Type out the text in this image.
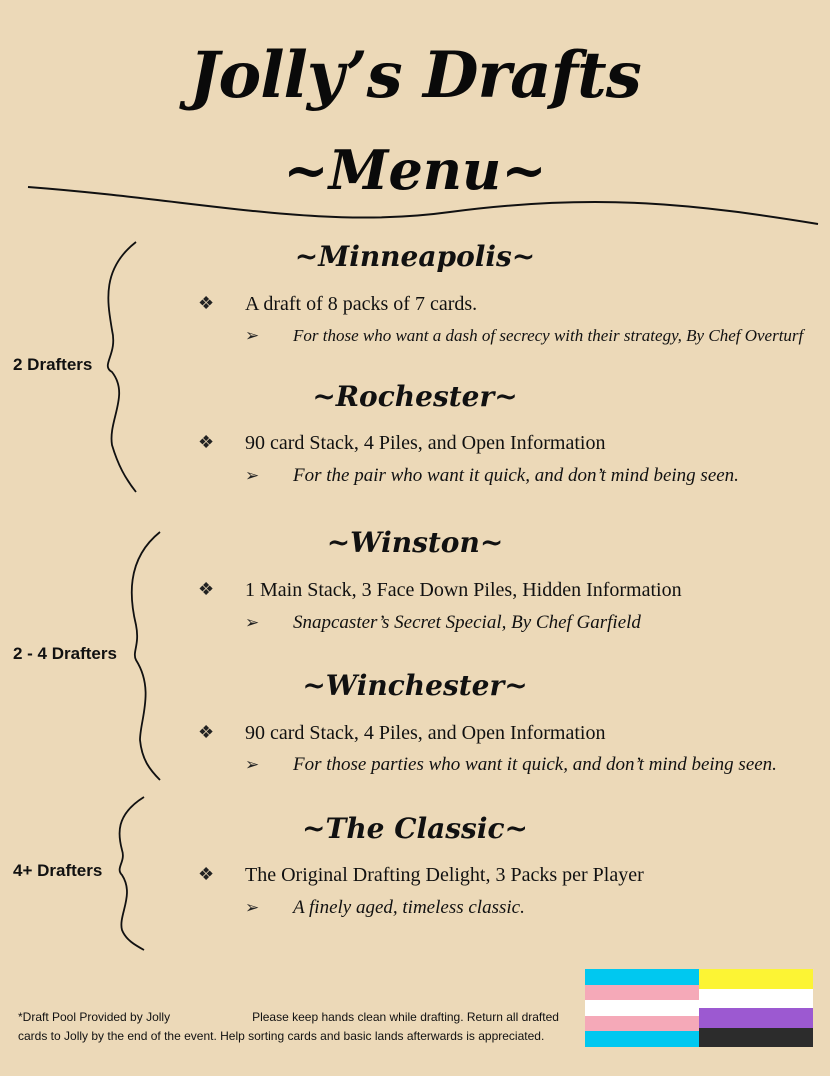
Jolly’s Drafts
~Menu~
2 Drafters
2 - 4 Drafters
4+ Drafters
~Minneapolis~
❖ A draft of 8 packs of 7 cards.
➢ For those who want a dash of secrecy with their strategy, By Chef Overturf
~Rochester~
❖ 90 card Stack, 4 Piles, and Open Information
➢ For the pair who want it quick, and don’t mind being seen.
~Winston~
❖ 1 Main Stack, 3 Face Down Piles, Hidden Information
➢ Snapcaster’s Secret Special, By Chef Garfield
~Winchester~
❖ 90 card Stack, 4 Piles, and Open Information
➢ For those parties who want it quick, and don’t mind being seen.
~The Classic~
❖ The Original Drafting Delight, 3 Packs per Player
➢ A finely aged, timeless classic.
*Draft Pool Provided by Jolly	Please keep hands clean while drafting. Return all drafted
cards to Jolly by the end of the event. Help sorting cards and basic lands afterwards is appreciated.
